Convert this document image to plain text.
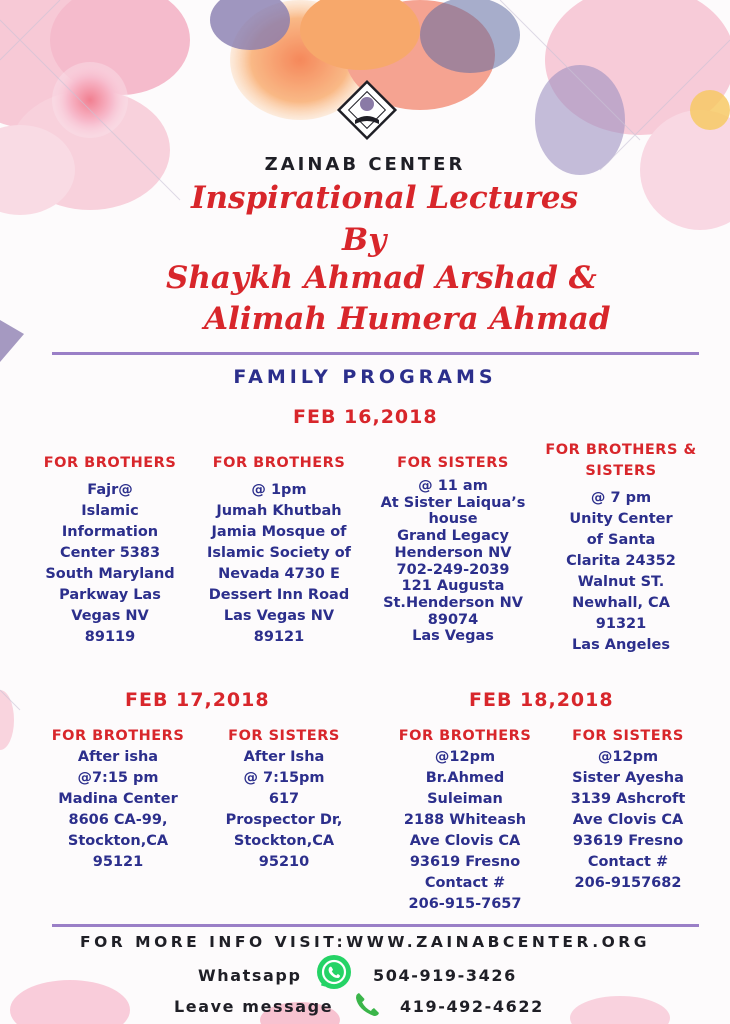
ZAINAB CENTER
Inspirational Lectures
By
Shaykh Ahmad Arshad &
Alimah Humera Ahmad
FAMILY PROGRAMS
FEB 16,2018
FOR BROTHERS
Fajr@
Islamic
Information
Center 5383
South Maryland
Parkway Las
Vegas NV
89119
FOR BROTHERS
@ 1pm
Jumah Khutbah
Jamia Mosque of
Islamic Society of
Nevada 4730 E
Dessert Inn Road
Las Vegas NV
89121
FOR SISTERS
@ 11 am
At Sister Laiqua’s
house
Grand Legacy
Henderson NV
702-249-2039
121 Augusta
St.Henderson NV
89074
Las Vegas
FOR BROTHERS &
SISTERS
@ 7 pm
Unity Center
of Santa
Clarita 24352
Walnut ST.
Newhall, CA
91321
Las Angeles
FEB 17,2018
FOR BROTHERS
After isha
@7:15 pm
Madina Center
8606 CA-99,
Stockton,CA
95121
FOR SISTERS
After Isha
@ 7:15pm
617
Prospector Dr,
Stockton,CA
95210
FEB 18,2018
FOR BROTHERS
@12pm
Br.Ahmed
Suleiman
2188 Whiteash
Ave Clovis CA
93619 Fresno
Contact #
206-915-7657
FOR SISTERS
@12pm
Sister Ayesha
3139 Ashcroft
Ave Clovis CA
93619 Fresno
Contact #
206-9157682
FOR MORE INFO VISIT:WWW.ZAINABCENTER.ORG
Whatsapp	504-919-3426
Leave message	419-492-4622
